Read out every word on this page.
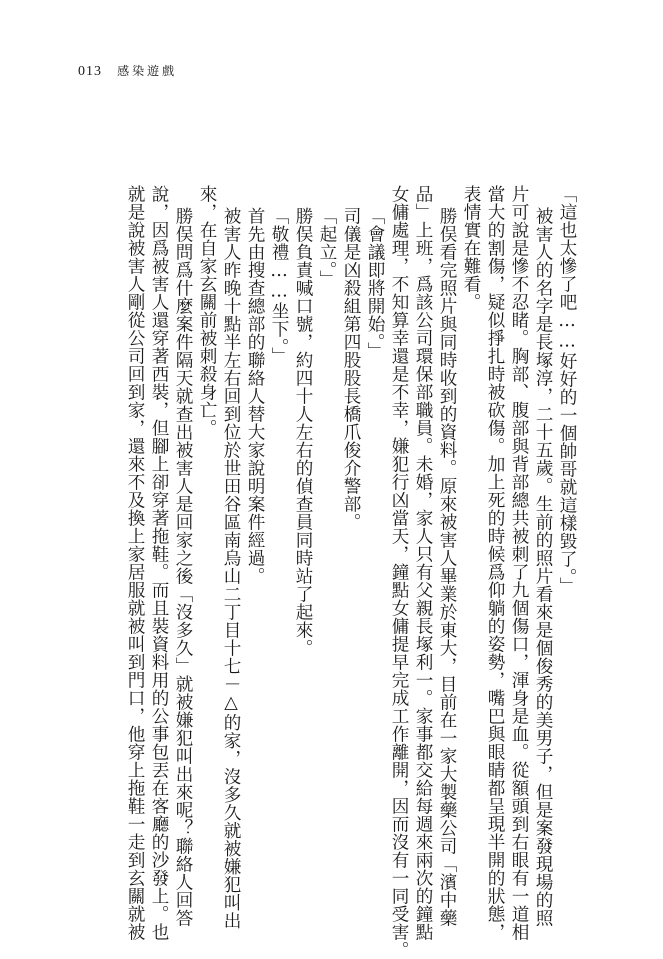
013 感染遊戲
「這也太慘了吧……好好的一個帥哥就這樣毀了。」
被害人的名字是長塚淳，二十五歲。生前的照片看來是個俊秀的美男子，但是案發現場的照
片可說是慘不忍睹。胸部、腹部與背部總共被刺了九個傷口，渾身是血。從額頭到右眼有一道相
當大的割傷，疑似掙扎時被砍傷。加上死的時候爲仰躺的姿勢，嘴巴與眼睛都呈現半開的狀態，
表情實在難看。
勝俣看完照片與同時收到的資料。原來被害人畢業於東大，目前在一家大製藥公司「濱中藥
品」上班，爲該公司環保部職員。未婚，家人只有父親長塚利一。家事都交給每週來兩次的鐘點
女傭處理，不知算幸還是不幸，嫌犯行凶當天，鐘點女傭提早完成工作離開，因而沒有一同受害。
「會議即將開始。」
司儀是凶殺組第四股股長橋爪俊介警部。
「起立。」
勝俣負責喊口號，約四十人左右的偵查員同時站了起來。
「敬禮……坐下。」
首先由搜查總部的聯絡人替大家說明案件經過。
被害人昨晚十點半左右回到位於世田谷區南烏山二丁目十七－△的家，沒多久就被嫌犯叫出
來，在自家玄關前被刺殺身亡。
勝俣問爲什麼案件隔天就查出被害人是回家之後「沒多久」就被嫌犯叫出來呢？聯絡人回答
說，因爲被害人還穿著西裝，但腳上卻穿著拖鞋。而且裝資料用的公事包丟在客廳的沙發上。也
就是說被害人剛從公司回到家，還來不及換上家居服就被叫到門口，他穿上拖鞋一走到玄關就被
